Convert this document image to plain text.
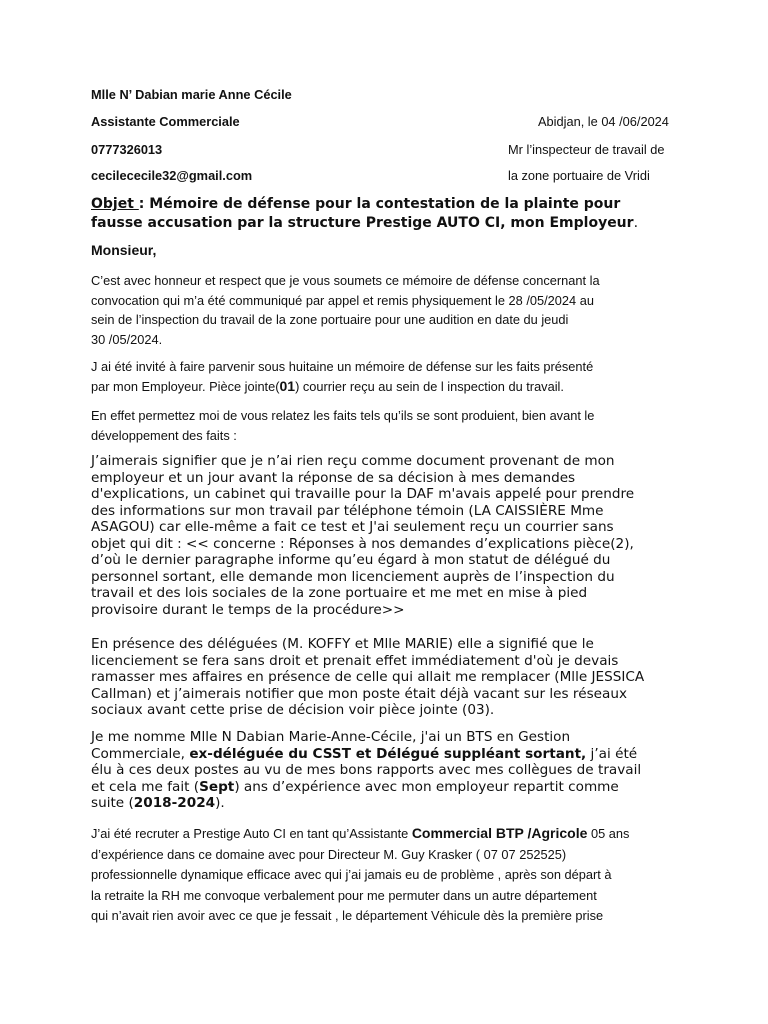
Mlle N’ Dabian marie Anne Cécile
Assistante Commerciale	Abidjan, le 04 /06/2024
0777326013	Mr l’inspecteur de travail de
cecilececile32@gmail.com	la zone portuaire de Vridi
Objet : Mémoire de défense pour la contestation de la plainte pour
fausse accusation par la structure Prestige AUTO CI, mon Employeur.
Monsieur,
C’est avec honneur et respect que je vous soumets ce mémoire de défense concernant la
convocation qui m’a été communiqué par appel et remis physiquement le 28 /05/2024 au
sein de l’inspection du travail de la zone portuaire pour une audition en date du jeudi
30 /05/2024.
J ai été invité à faire parvenir sous huitaine un mémoire de défense sur les faits présenté
par mon Employeur. Pièce jointe(01) courrier reçu au sein de l inspection du travail.
En effet permettez moi de vous relatez les faits tels qu’ils se sont produient, bien avant le
développement des faits :
J’aimerais signifier que je n’ai rien reçu comme document provenant de mon
employeur et un jour avant la réponse de sa décision à mes demandes
d'explications, un cabinet qui travaille pour la DAF m'avais appelé pour prendre
des informations sur mon travail par téléphone témoin (LA CAISSIÈRE Mme
ASAGOU) car elle-même a fait ce test et J'ai seulement reçu un courrier sans
objet qui dit : << concerne : Réponses à nos demandes d’explications pièce(2),
d’où le dernier paragraphe informe qu’eu égard à mon statut de délégué du
personnel sortant, elle demande mon licenciement auprès de l’inspection du
travail et des lois sociales de la zone portuaire et me met en mise à pied
provisoire durant le temps de la procédure>>
En présence des déléguées (M. KOFFY et Mlle MARIE) elle a signifié que le
licenciement se fera sans droit et prenait effet immédiatement d'où je devais
ramasser mes affaires en présence de celle qui allait me remplacer (Mlle JESSICA
Callman) et j’aimerais notifier que mon poste était déjà vacant sur les réseaux
sociaux avant cette prise de décision voir pièce jointe (03).
Je me nomme Mlle N Dabian Marie-Anne-Cécile, j'ai un BTS en Gestion
Commerciale, ex-déléguée du CSST et Délégué suppléant sortant, j’ai été
élu à ces deux postes au vu de mes bons rapports avec mes collègues de travail
et cela me fait (Sept) ans d’expérience avec mon employeur repartit comme
suite (2018-2024).
J’ai été recruter a Prestige Auto CI en tant qu’Assistante Commercial BTP /Agricole 05 ans
d’expérience dans ce domaine avec pour Directeur M. Guy Krasker ( 07 07 252525)
professionnelle dynamique efficace avec qui j’ai jamais eu de problème , après son départ à
la retraite la RH me convoque verbalement pour me permuter dans un autre département
qui n’avait rien avoir avec ce que je fessait , le département Véhicule dès la première prise
